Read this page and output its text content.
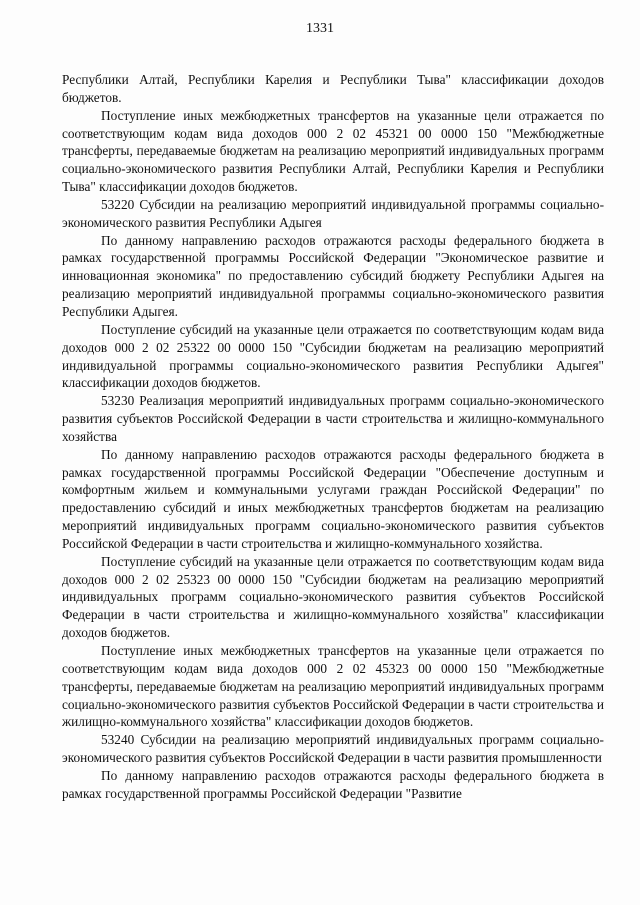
1331

Республики Алтай, Республики Карелия и Республики Тыва" классификации доходов бюджетов.

Поступление иных межбюджетных трансфертов на указанные цели отражается по соответствующим кодам вида доходов 000 2 02 45321 00 0000 150 "Межбюджетные трансферты, передаваемые бюджетам на реализацию мероприятий индивидуальных программ социально-экономического развития Республики Алтай, Республики Карелия и Республики Тыва" классификации доходов бюджетов.

53220 Субсидии на реализацию мероприятий индивидуальной программы социально-экономического развития Республики Адыгея

По данному направлению расходов отражаются расходы федерального бюджета в рамках государственной программы Российской Федерации "Экономическое развитие и инновационная экономика" по предоставлению субсидий бюджету Республики Адыгея на реализацию мероприятий индивидуальной программы социально-экономического развития Республики Адыгея.

Поступление субсидий на указанные цели отражается по соответствующим кодам вида доходов 000 2 02 25322 00 0000 150 "Субсидии бюджетам на реализацию мероприятий индивидуальной программы социально-экономического развития Республики Адыгея" классификации доходов бюджетов.

53230 Реализация мероприятий индивидуальных программ социально-экономического развития субъектов Российской Федерации в части строительства и жилищно-коммунального хозяйства

По данному направлению расходов отражаются расходы федерального бюджета в рамках государственной программы Российской Федерации "Обеспечение доступным и комфортным жильем и коммунальными услугами граждан Российской Федерации" по предоставлению субсидий и иных межбюджетных трансфертов бюджетам на реализацию мероприятий индивидуальных программ социально-экономического развития субъектов Российской Федерации в части строительства и жилищно-коммунального хозяйства.

Поступление субсидий на указанные цели отражается по соответствующим кодам вида доходов 000 2 02 25323 00 0000 150 "Субсидии бюджетам на реализацию мероприятий индивидуальных программ социально-экономического развития субъектов Российской Федерации в части строительства и жилищно-коммунального хозяйства" классификации доходов бюджетов.

Поступление иных межбюджетных трансфертов на указанные цели отражается по соответствующим кодам вида доходов 000 2 02 45323 00 0000 150 "Межбюджетные трансферты, передаваемые бюджетам на реализацию мероприятий индивидуальных программ социально-экономического развития субъектов Российской Федерации в части строительства и жилищно-коммунального хозяйства" классификации доходов бюджетов.

53240 Субсидии на реализацию мероприятий индивидуальных программ социально-экономического развития субъектов Российской Федерации в части развития промышленности

По данному направлению расходов отражаются расходы федерального бюджета в рамках государственной программы Российской Федерации "Развитие
